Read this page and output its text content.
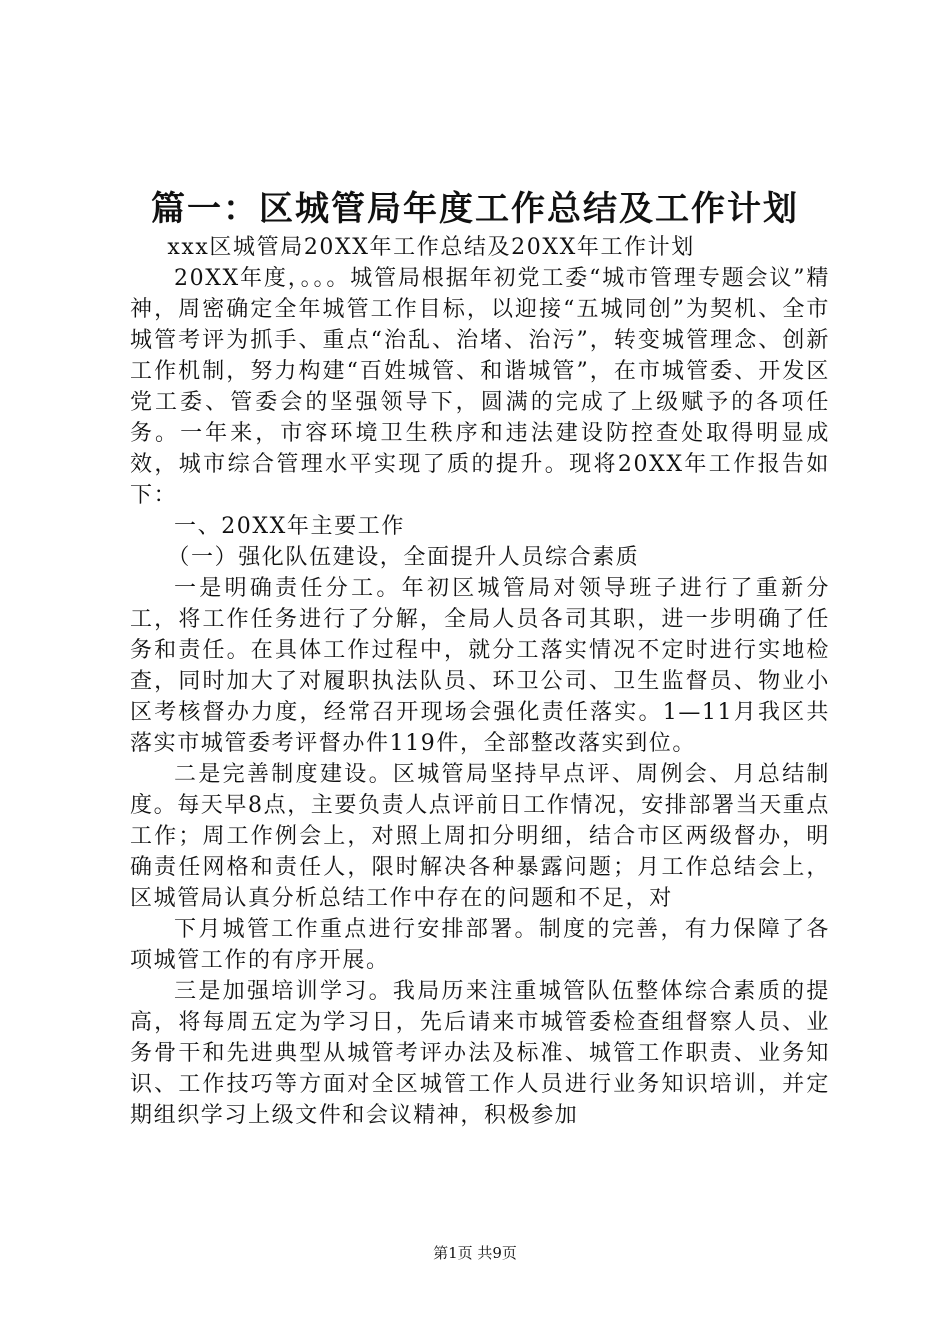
篇一：区城管局年度工作总结及工作计划

xxx区城管局20XX年工作总结及20XX年工作计划

20XX年度，。。。城管局根据年初党工委“城市管理专题会议”精神，周密确定全年城管工作目标，以迎接“五城同创”为契机、全市城管考评为抓手、重点“治乱、治堵、治污”，转变城管理念、创新工作机制，努力构建“百姓城管、和谐城管”，在市城管委、开发区党工委、管委会的坚强领导下，圆满的完成了上级赋予的各项任务。一年来，市容环境卫生秩序和违法建设防控查处取得明显成效，城市综合管理水平实现了质的提升。现将20XX年工作报告如下：

一、20XX年主要工作

（一）强化队伍建设，全面提升人员综合素质

一是明确责任分工。年初区城管局对领导班子进行了重新分工，将工作任务进行了分解，全局人员各司其职，进一步明确了任务和责任。在具体工作过程中，就分工落实情况不定时进行实地检查，同时加大了对履职执法队员、环卫公司、卫生监督员、物业小区考核督办力度，经常召开现场会强化责任落实。1—11月我区共落实市城管委考评督办件119件，全部整改落实到位。

二是完善制度建设。区城管局坚持早点评、周例会、月总结制度。每天早8点，主要负责人点评前日工作情况，安排部署当天重点工作；周工作例会上，对照上周扣分明细，结合市区两级督办，明确责任网格和责任人，限时解决各种暴露问题；月工作总结会上，区城管局认真分析总结工作中存在的问题和不足，对

下月城管工作重点进行安排部署。制度的完善，有力保障了各项城管工作的有序开展。

三是加强培训学习。我局历来注重城管队伍整体综合素质的提高，将每周五定为学习日，先后请来市城管委检查组督察人员、业务骨干和先进典型从城管考评办法及标准、城管工作职责、业务知识、工作技巧等方面对全区城管工作人员进行业务知识培训，并定期组织学习上级文件和会议精神，积极参加

第1页 共9页
